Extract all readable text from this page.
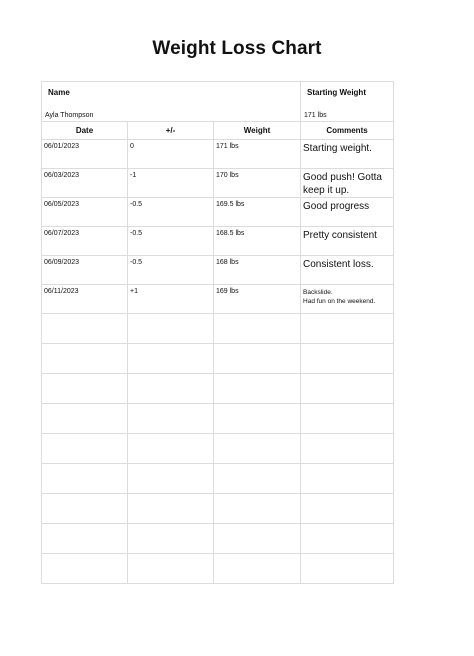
Weight Loss Chart
Name
Ayla Thompson			Starting Weight
171 lbs

Date	+/-	Weight	Comments
06/01/2023	0	171 lbs	Starting weight.
06/03/2023	-1	170 lbs	Good push! Gotta keep it up.
06/05/2023	-0.5	169.5 lbs	Good progress
06/07/2023	-0.5	168.5 lbs	Pretty consistent
06/09/2023	-0.5	168 lbs	Consistent loss.
06/11/2023	+1	169 lbs	Backslide.
Had fun on the weekend.
